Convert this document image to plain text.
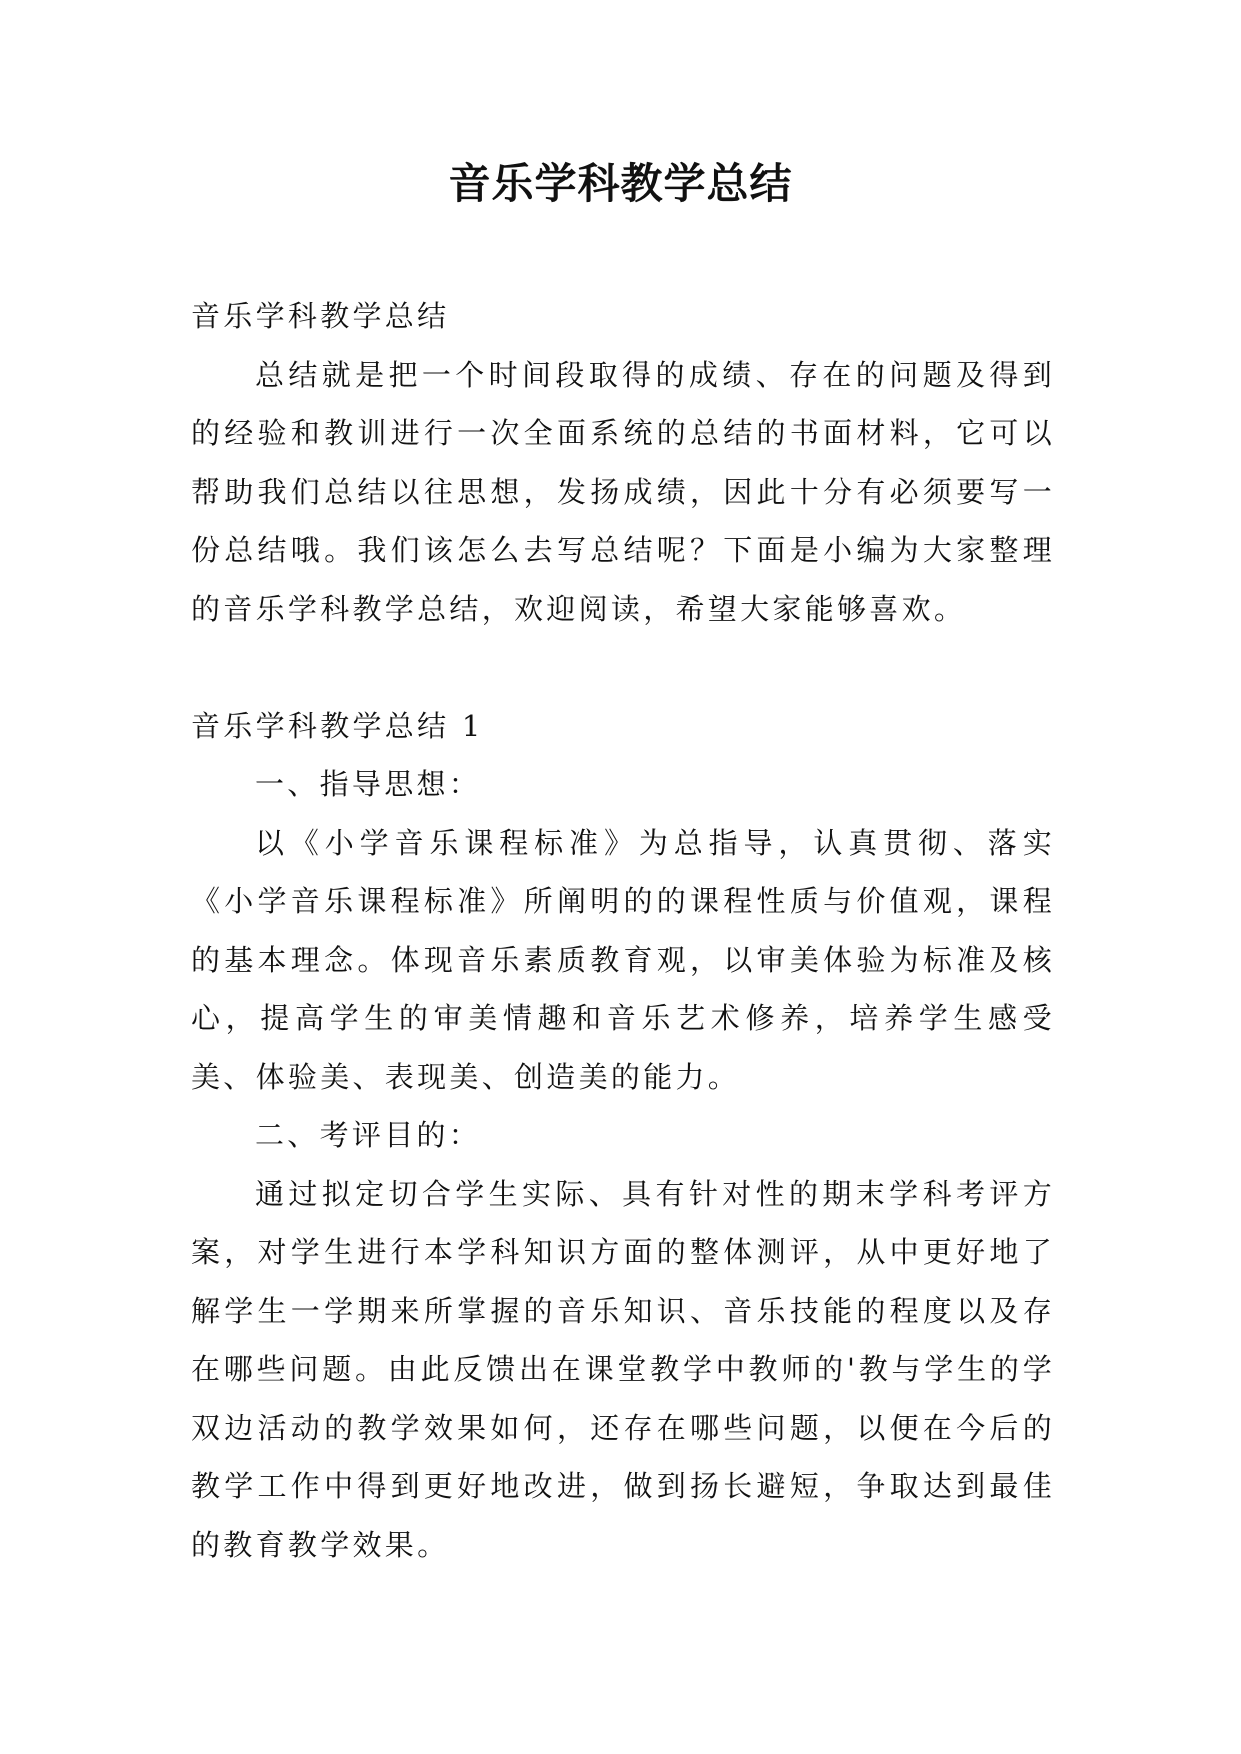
音乐学科教学总结

音乐学科教学总结

总结就是把一个时间段取得的成绩、存在的问题及得到的经验和教训进行一次全面系统的总结的书面材料，它可以帮助我们总结以往思想，发扬成绩，因此十分有必须要写一份总结哦。我们该怎么去写总结呢？下面是小编为大家整理的音乐学科教学总结，欢迎阅读，希望大家能够喜欢。

音乐学科教学总结 1

一、指导思想：

以《小学音乐课程标准》为总指导，认真贯彻、落实《小学音乐课程标准》所阐明的的课程性质与价值观，课程的基本理念。体现音乐素质教育观，以审美体验为标准及核心，提高学生的审美情趣和音乐艺术修养，培养学生感受美、体验美、表现美、创造美的能力。

二、考评目的：

通过拟定切合学生实际、具有针对性的期末学科考评方案，对学生进行本学科知识方面的整体测评，从中更好地了解学生一学期来所掌握的音乐知识、音乐技能的程度以及存在哪些问题。由此反馈出在课堂教学中教师的'教与学生的学双边活动的教学效果如何，还存在哪些问题，以便在今后的教学工作中得到更好地改进，做到扬长避短，争取达到最佳的教育教学效果。
